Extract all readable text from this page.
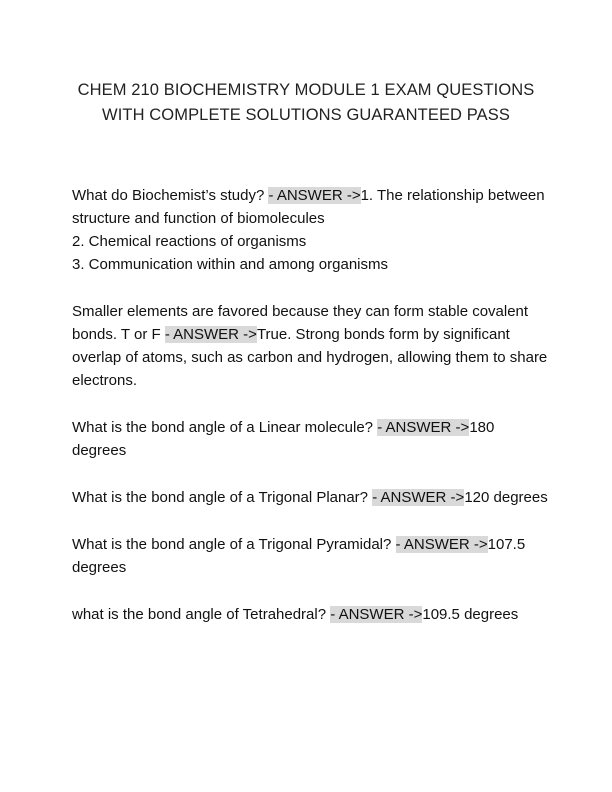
CHEM 210 BIOCHEMISTRY MODULE 1 EXAM QUESTIONS
WITH COMPLETE SOLUTIONS GUARANTEED PASS

What do Biochemist’s study? - ANSWER ->1. The relationship between structure and function of biomolecules

2. Chemical reactions of organisms

3. Communication within and among organisms

Smaller elements are favored because they can form stable covalent bonds. T or F - ANSWER ->True. Strong bonds form by significant overlap of atoms, such as carbon and hydrogen, allowing them to share electrons.

What is the bond angle of a Linear molecule? - ANSWER ->180 degrees

What is the bond angle of a Trigonal Planar? - ANSWER ->120 degrees

What is the bond angle of a Trigonal Pyramidal? - ANSWER ->107.5 degrees

what is the bond angle of Tetrahedral? - ANSWER ->109.5 degrees
